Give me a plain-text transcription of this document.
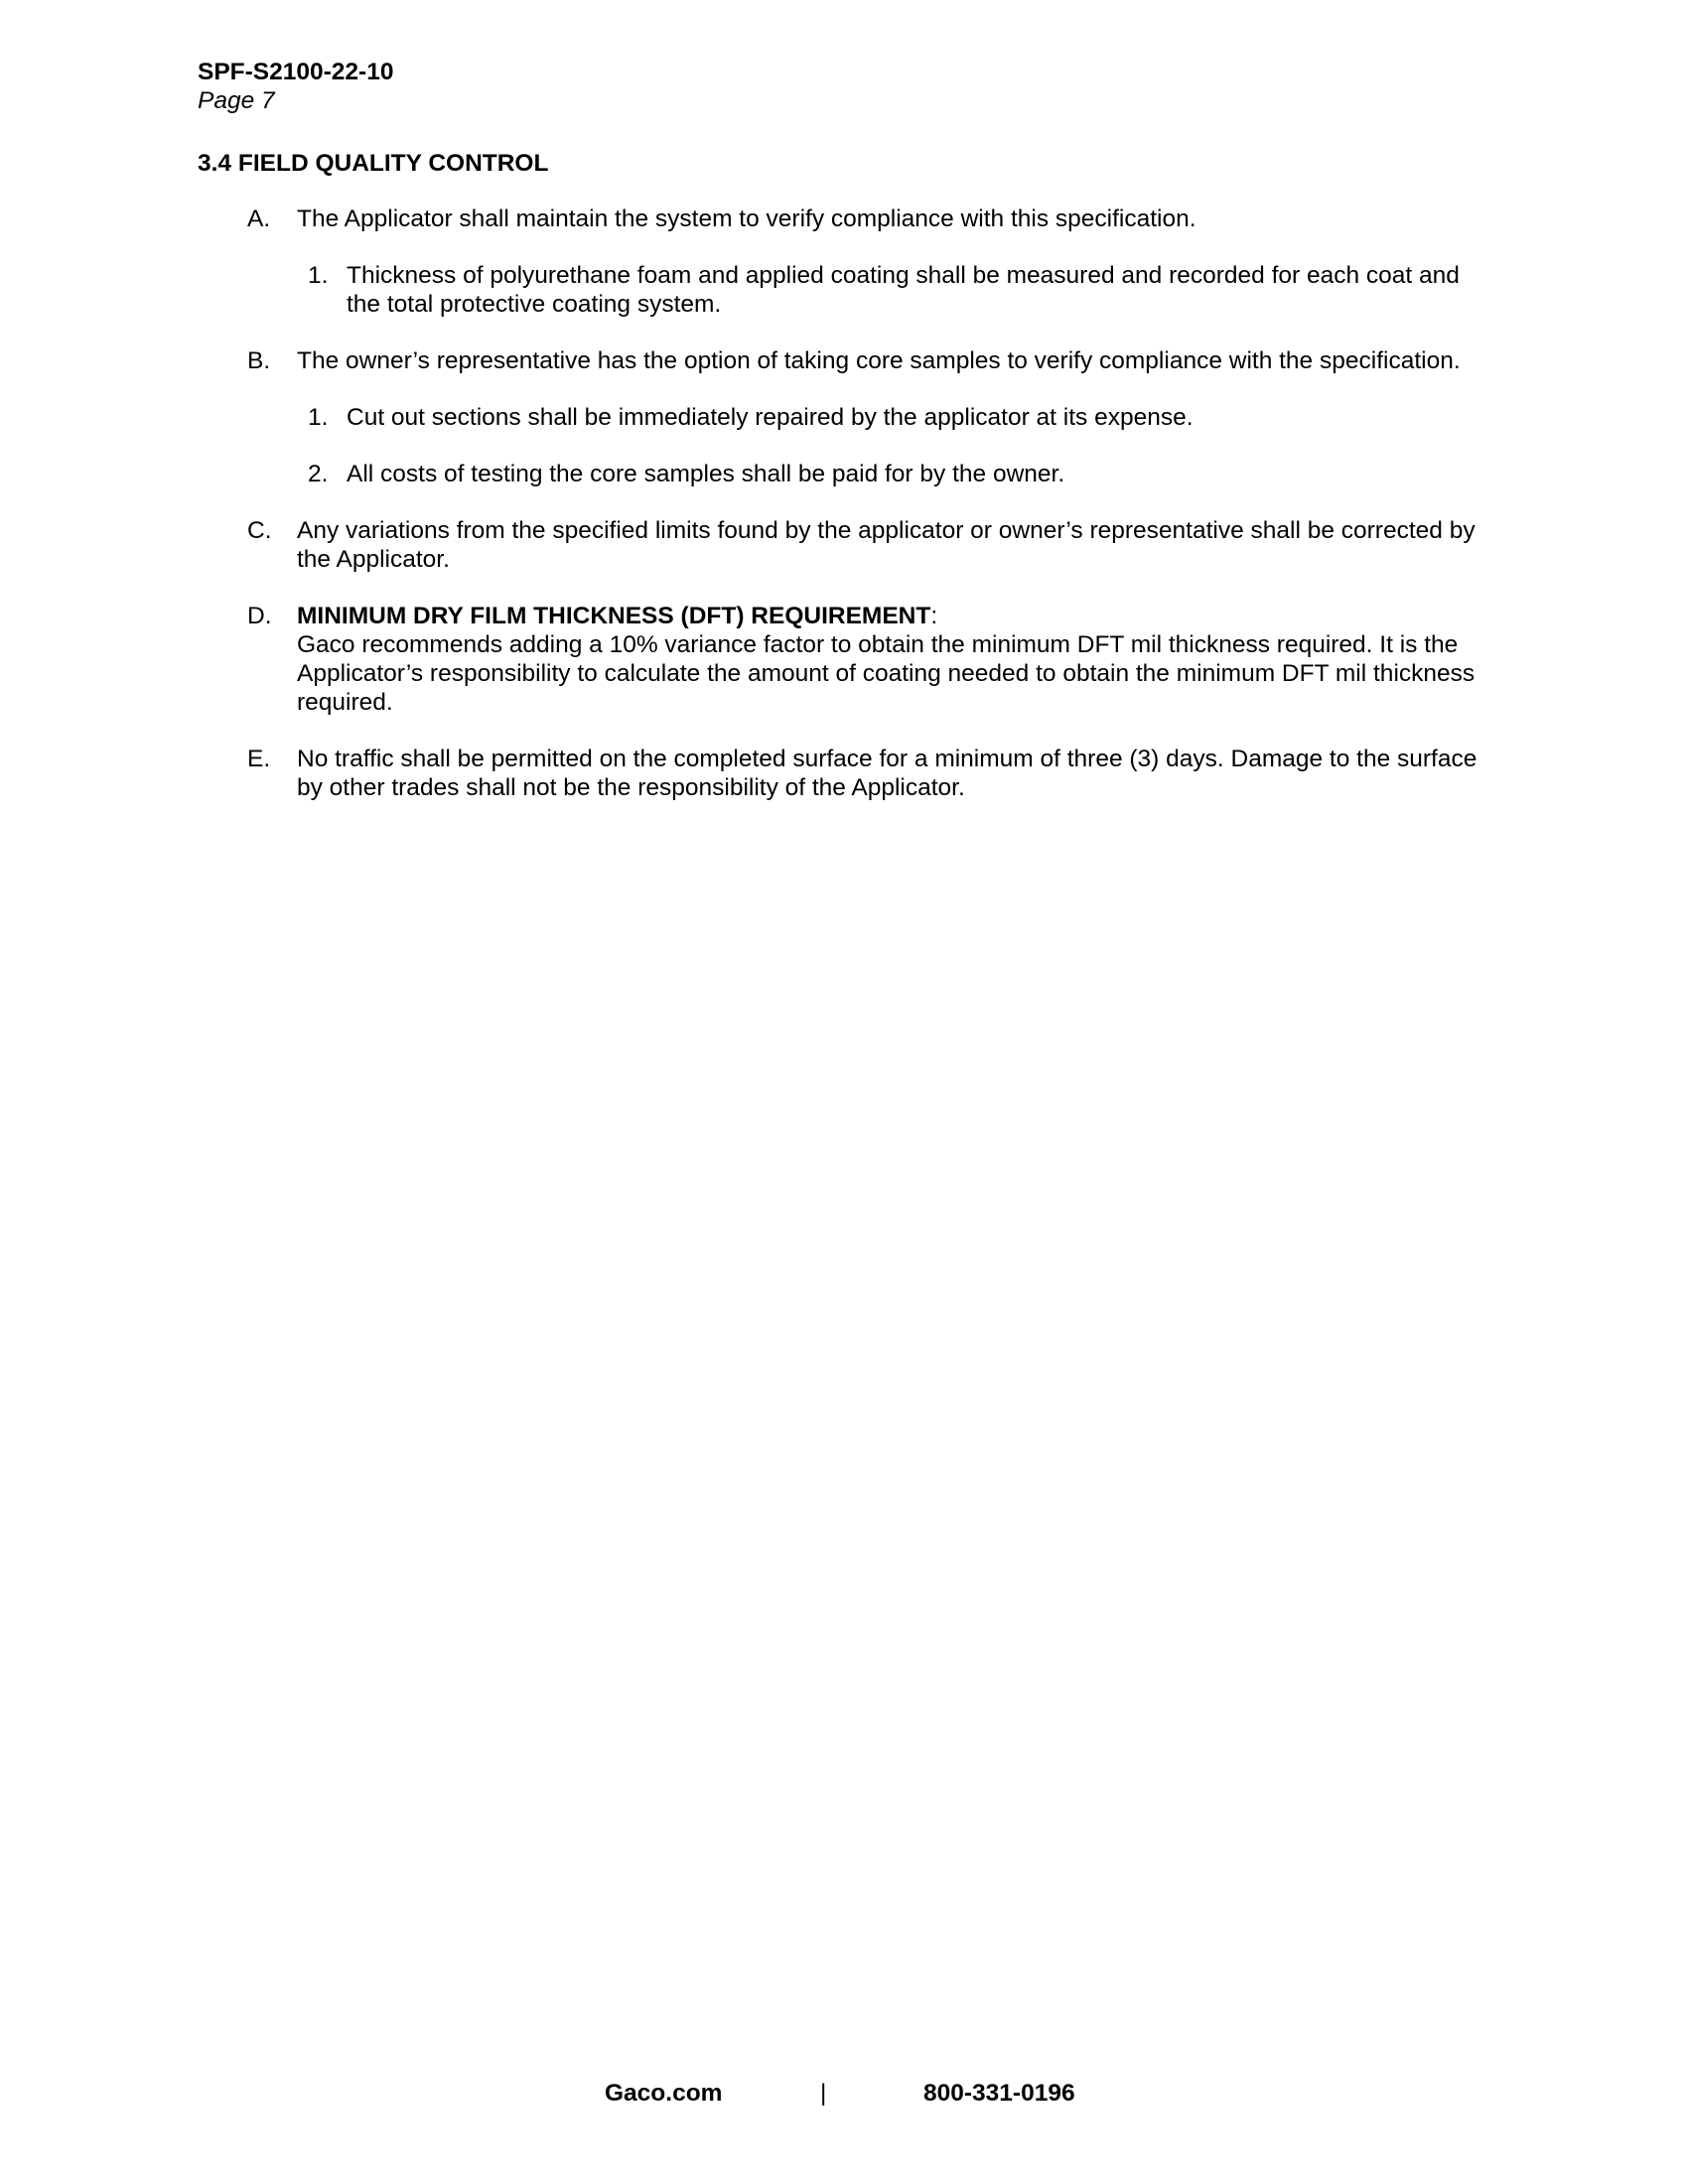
SPF-S2100-22-10
Page 7
3.4 FIELD QUALITY CONTROL
A. The Applicator shall maintain the system to verify compliance with this specification.
1. Thickness of polyurethane foam and applied coating shall be measured and recorded for each coat and the total protective coating system.
B. The owner’s representative has the option of taking core samples to verify compliance with the specification.
1. Cut out sections shall be immediately repaired by the applicator at its expense.
2. All costs of testing the core samples shall be paid for by the owner.
C. Any variations from the specified limits found by the applicator or owner’s representative shall be corrected by the Applicator.
D. MINIMUM DRY FILM THICKNESS (DFT) REQUIREMENT:
Gaco recommends adding a 10% variance factor to obtain the minimum DFT mil thickness required. It is the Applicator’s responsibility to calculate the amount of coating needed to obtain the minimum DFT mil thickness required.
E. No traffic shall be permitted on the completed surface for a minimum of three (3) days. Damage to the surface by other trades shall not be the responsibility of the Applicator.
Gaco.com	|	800-331-0196
